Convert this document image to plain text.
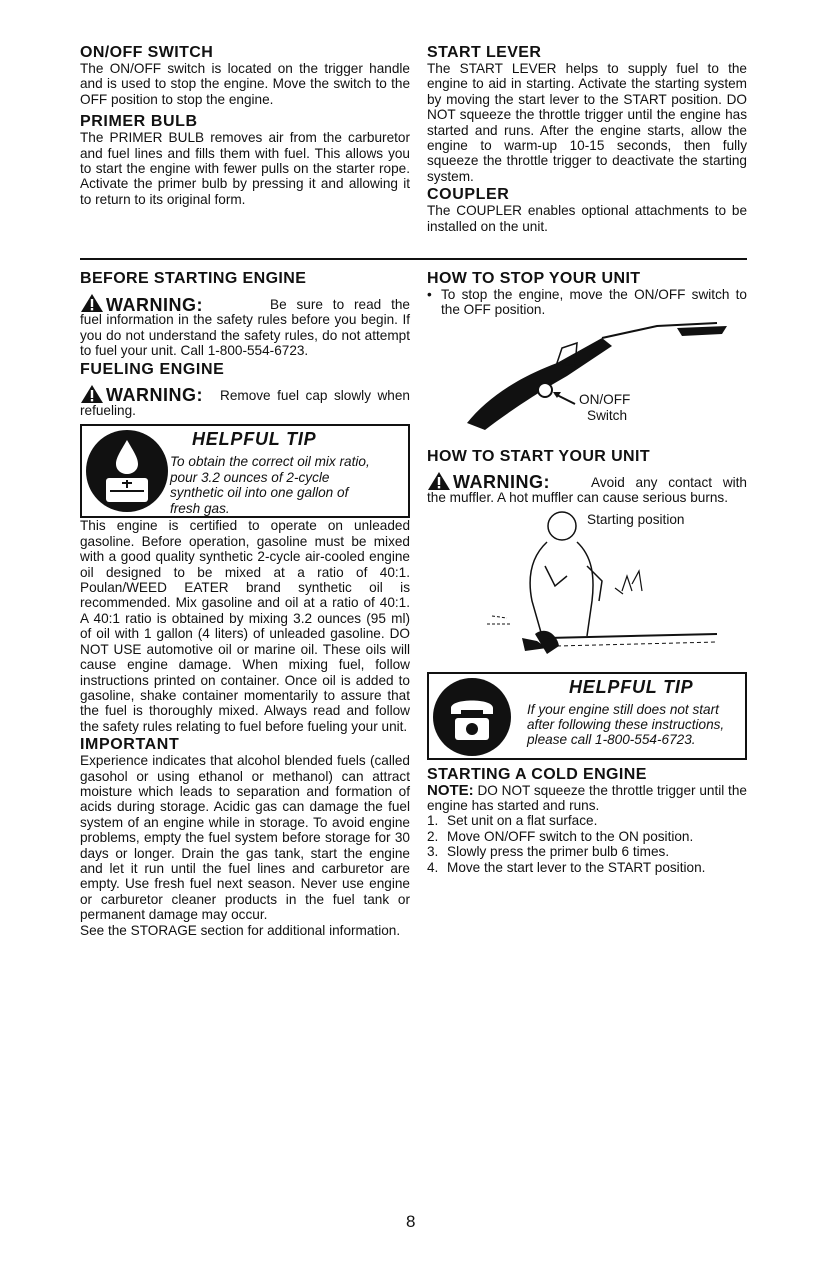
ON/OFF SWITCH

The ON/OFF switch is located on the trigger handle and is used to stop the engine. Move the switch to the OFF position to stop the engine.

PRIMER BULB

The PRIMER BULB removes air from the carburetor and fuel lines and fills them with fuel. This allows you to start the engine with fewer pulls on the starter rope. Activate the primer bulb by pressing it and allowing it to return to its original form.

START LEVER

The START LEVER helps to supply fuel to the engine to aid in starting. Activate the starting system by moving the start lever to the START position. DO NOT squeeze the throttle trigger until the engine has started and runs. After the engine starts, allow the engine to warm-up 10-15 seconds, then fully squeeze the throttle trigger to deactivate the starting system.

COUPLER

The COUPLER enables optional attachments to be installed on the unit.

BEFORE STARTING ENGINE
WARNING:	Be sure to read the fuel information in the safety rules before you begin. If you do not understand the safety rules, do not attempt to fuel your unit. Call 1-800-554-6723.

FUELING ENGINE
WARNING:	Remove fuel cap slowly when refueling.

HELPFUL TIP
To obtain the correct oil mix ratio, pour 3.2 ounces of 2-cycle synthetic oil into one gallon of fresh gas.

This engine is certified to operate on unleaded gasoline. Before operation, gasoline must be mixed with a good quality synthetic 2-cycle air-cooled engine oil designed to be mixed at a ratio of 40:1. Poulan/WEED EATER brand synthetic oil is recommended. Mix gasoline and oil at a ratio of 40:1. A 40:1 ratio is obtained by mixing 3.2 ounces (95 ml) of oil with 1 gallon (4 liters) of unleaded gasoline. DO NOT USE automotive oil or marine oil. These oils will cause engine damage. When mixing fuel, follow instructions printed on container. Once oil is added to gasoline, shake container momentarily to assure that the fuel is thoroughly mixed. Always read and follow the safety rules relating to fuel before fueling your unit.

IMPORTANT

Experience indicates that alcohol blended fuels (called gasohol or using ethanol or methanol) can attract moisture which leads to separation and formation of acids during storage. Acidic gas can damage the fuel system of an engine while in storage. To avoid engine problems, empty the fuel system before storage for 30 days or longer. Drain the gas tank, start the engine and let it run until the fuel lines and carburetor are empty. Use fresh fuel next season. Never use engine or carburetor cleaner products in the fuel tank or permanent damage may occur.

See the STORAGE section for additional information.

HOW TO STOP YOUR UNIT
• To stop the engine, move the ON/OFF switch to the OFF position.

ON/OFF
Switch
HOW TO START YOUR UNIT
WARNING:	Avoid any contact with the muffler. A hot muffler can cause serious burns.

Starting position
HELPFUL TIP
If your engine still does not start after following these instructions, please call 1-800-554-6723.
STARTING A COLD ENGINE

NOTE: DO NOT squeeze the throttle trigger until the engine has started and runs.

1. Set unit on a flat surface.
2. Move ON/OFF switch to the ON position.
3. Slowly press the primer bulb 6 times.
4. Move the start lever to the START position.
8
